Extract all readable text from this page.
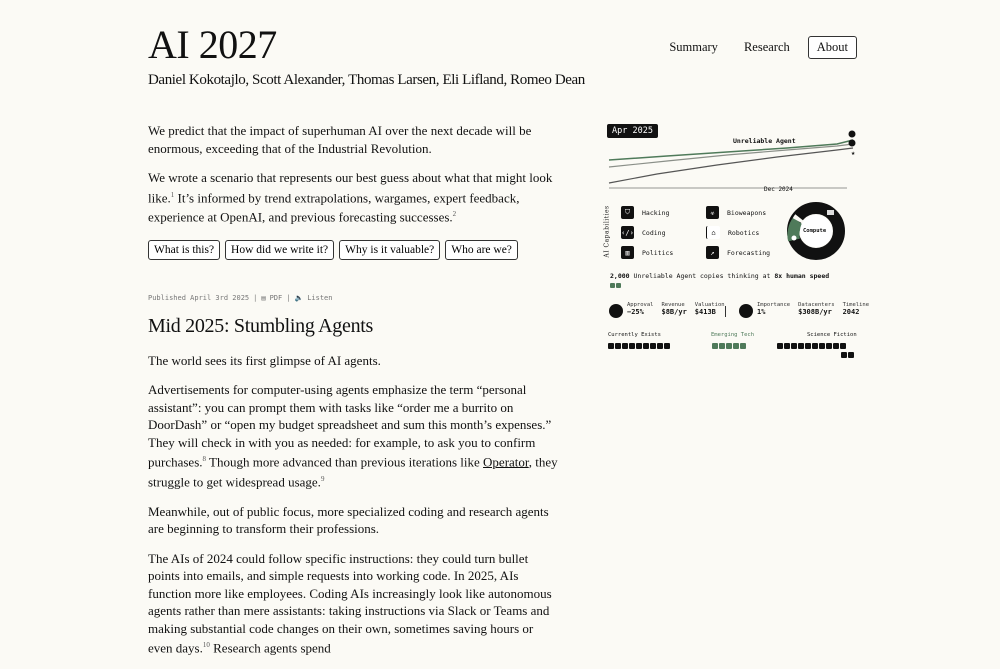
AI 2027
Daniel Kokotajlo, Scott Alexander, Thomas Larsen, Eli Lifland, Romeo Dean
Summary	Research	About

We predict that the impact of superhuman AI over the next decade will be enormous, exceeding that of the Industrial Revolution.

We wrote a scenario that represents our best guess about what that might look like.$^1$ It’s informed by trend extrapolations, wargames, expert feedback, experience at OpenAI, and previous forecasting successes.$^2$

What is this?	How did we write it?	Why is it valuable?	Who are we?
Published April 3rd 2025 | ▤ PDF | 🔈 Listen
Mid 2025: Stumbling Agents

The world sees its first glimpse of AI agents.

Advertisements for computer-using agents emphasize the term “personal assistant”: you can prompt them with tasks like “order me a burrito on DoorDash” or “open my budget spreadsheet and sum this month’s expenses.” They will check in with you as needed: for example, to ask you to confirm purchases.$^8$ Though more advanced than previous iterations like Operator, they struggle to get widespread usage.$^9$

Meanwhile, out of public focus, more specialized coding and research agents are beginning to transform their professions.

The AIs of 2024 could follow specific instructions: they could turn bullet points into emails, and simple requests into working code. In 2025, AIs function more like employees. Coding AIs increasingly look like autonomous agents rather than mere assistants: taking instructions via Slack or Teams and making substantial code changes on their own, sometimes saving hours or even days.$^{10}$ Research agents spend

Apr 2025
★
Unreliable Agent
Dec 2024
AI Capabilities	⛉	Hacking	☣	Bioweapons
‹/› Coding	⌂	Robotics
▥	Politics	↗	Forecasting
Compute
2,000 Unreliable Agent copies thinking at 8x human speed
Approval
−25%
Revenue
$8B/yr
Valuation
$413B
Importance
1%
Datacenters
$308B/yr
Timeline
2042
Currently Exists	Emerging Tech	Science Fiction
